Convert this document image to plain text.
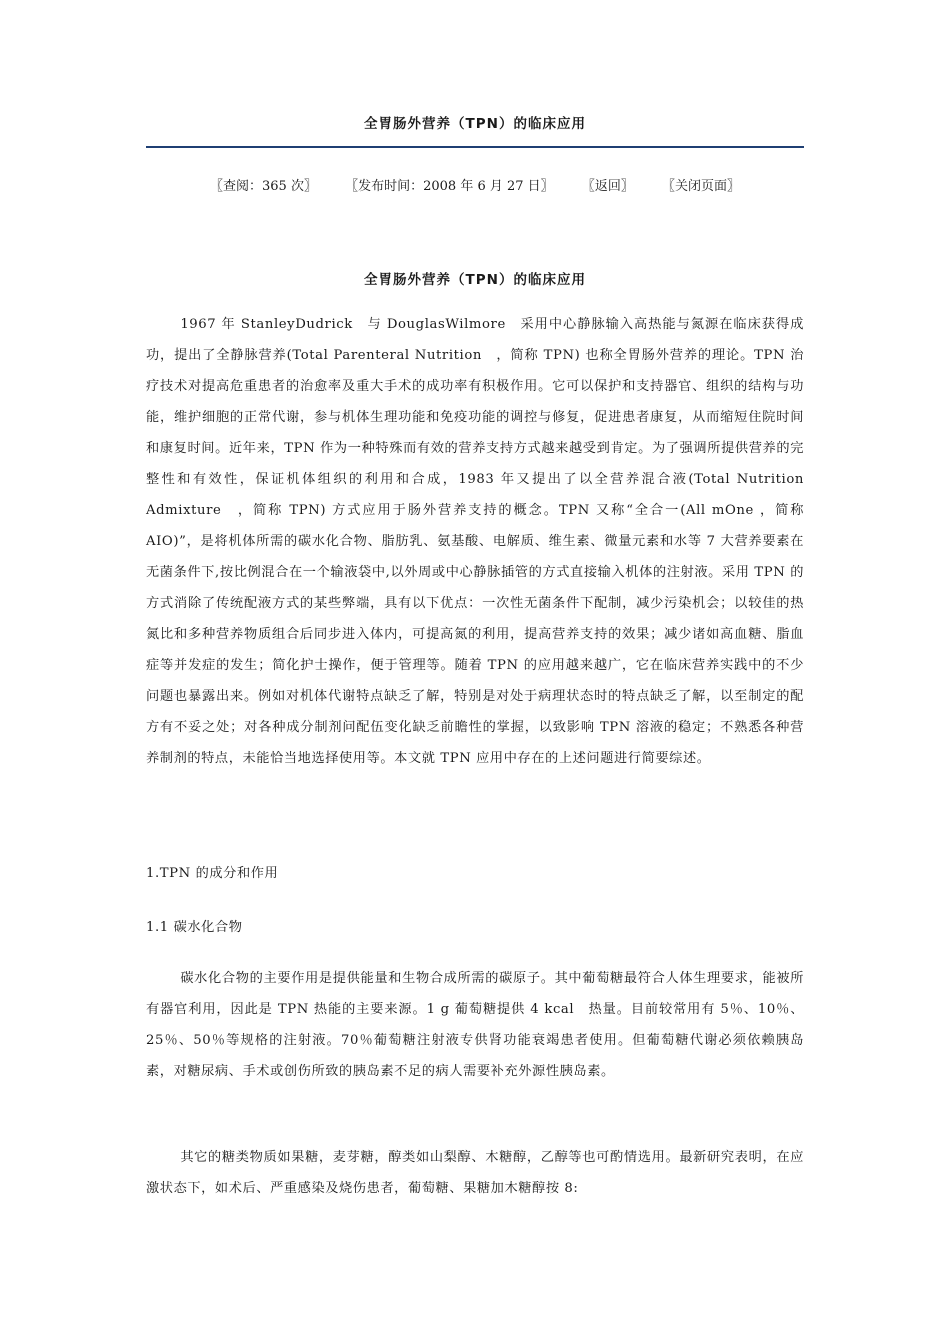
全胃肠外营养（TPN）的临床应用
〖查阅：365 次〗 〖发布时间：2008 年 6 月 27 日〗 〖返回〗 〖关闭页面〗
全胃肠外营养（TPN）的临床应用

1967 年 StanleyDudrick　与 DouglasWilmore　采用中心静脉输入高热能与氮源在临床获得成功，提出了全静脉营养(Total Parenteral Nutrition　，简称 TPN) 也称全胃肠外营养的理论。TPN 治疗技术对提高危重患者的治愈率及重大手术的成功率有积极作用。它可以保护和支持器官、组织的结构与功能，维护细胞的正常代谢，参与机体生理功能和免疫功能的调控与修复，促进患者康复，从而缩短住院时间和康复时间。近年来，TPN 作为一种特殊而有效的营养支持方式越来越受到肯定。为了强调所提供营养的完整性和有效性，保证机体组织的利用和合成，1983 年又提出了以全营养混合液(Total Nutrition Admixture　，简称 TPN) 方式应用于肠外营养支持的概念。TPN 又称“全合一(All mOne ，简称 AIO)”，是将机体所需的碳水化合物、脂肪乳、氨基酸、电解质、维生素、微量元素和水等 7 大营养要素在无菌条件下,按比例混合在一个输液袋中,以外周或中心静脉插管的方式直接输入机体的注射液。采用 TPN 的方式消除了传统配液方式的某些弊端，具有以下优点：一次性无菌条件下配制，减少污染机会；以较佳的热氮比和多种营养物质组合后同步进入体内，可提高氮的利用，提高营养支持的效果；减少诸如高血糖、脂血症等并发症的发生；简化护士操作，便于管理等。随着 TPN 的应用越来越广，它在临床营养实践中的不少问题也暴露出来。例如对机体代谢特点缺乏了解，特别是对处于病理状态时的特点缺乏了解，以至制定的配方有不妥之处；对各种成分制剂问配伍变化缺乏前瞻性的掌握，以致影响 TPN 溶液的稳定；不熟悉各种营养制剂的特点，未能恰当地选择使用等。本文就 TPN 应用中存在的上述问题进行简要综述。

1.TPN 的成分和作用

1.1 碳水化合物

碳水化合物的主要作用是提供能量和生物合成所需的碳原子。其中葡萄糖最符合人体生理要求，能被所有器官利用，因此是 TPN 热能的主要来源。1 g 葡萄糖提供 4 kcal　热量。目前较常用有 5％、10％、25％、50％等规格的注射液。70％葡萄糖注射液专供肾功能衰竭患者使用。但葡萄糖代谢必须依赖胰岛素，对糖尿病、手术或创伤所致的胰岛素不足的病人需要补充外源性胰岛素。

其它的糖类物质如果糖，麦芽糖，醇类如山梨醇、木糖醇，乙醇等也可酌情选用。最新研究表明，在应激状态下，如术后、严重感染及烧伤患者，葡萄糖、果糖加木糖醇按 8:
